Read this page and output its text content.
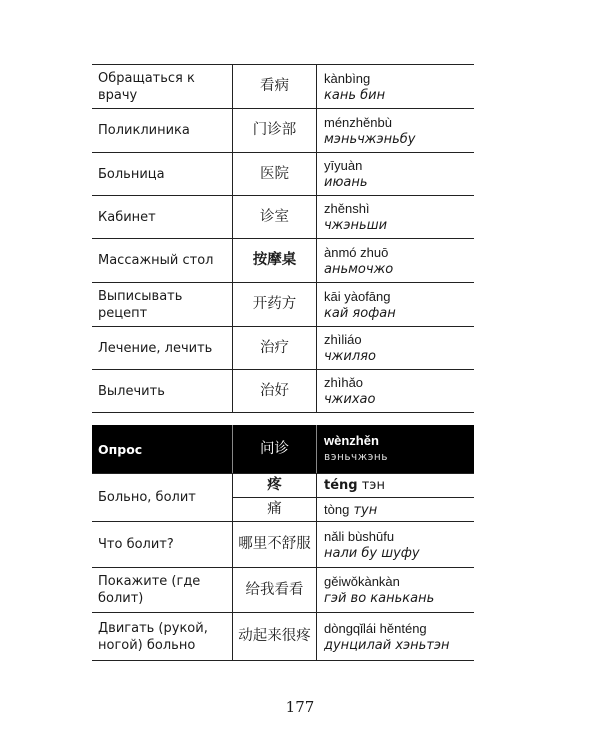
Обращаться к врачу	看病	kànbìng
кань бин

Поликлиника	门诊部	ménzhěnbù
мэньчжэньбу

Больница	医院	yīyuàn
июань

Кабинет	诊室	zhěnshì
чжэньши

Массажный стол	按摩桌	ànmó zhuō
аньмочжо

Выписывать рецепт	开药方	kāi yàofāng
кай яофан

Лечение, лечить	治疗	zhìliáo
чжиляо

Вылечить	治好	zhìhǎo
чжихао
Опрос	问诊	wènzhěn
вэньчжэнь

Больно, болит	疼	téng тэн
	痛	tòng тун
Что болит?	哪里不舒服	nǎli bùshūfu
нали бу шуфу

Покажите (где болит)	给我看看	gěiwǒkànkàn
гэй во канькань

Двигать (рукой, ногой) больно	动起来很疼	dòngqǐlái hěnténg
дунцилай хэньтэн
177
